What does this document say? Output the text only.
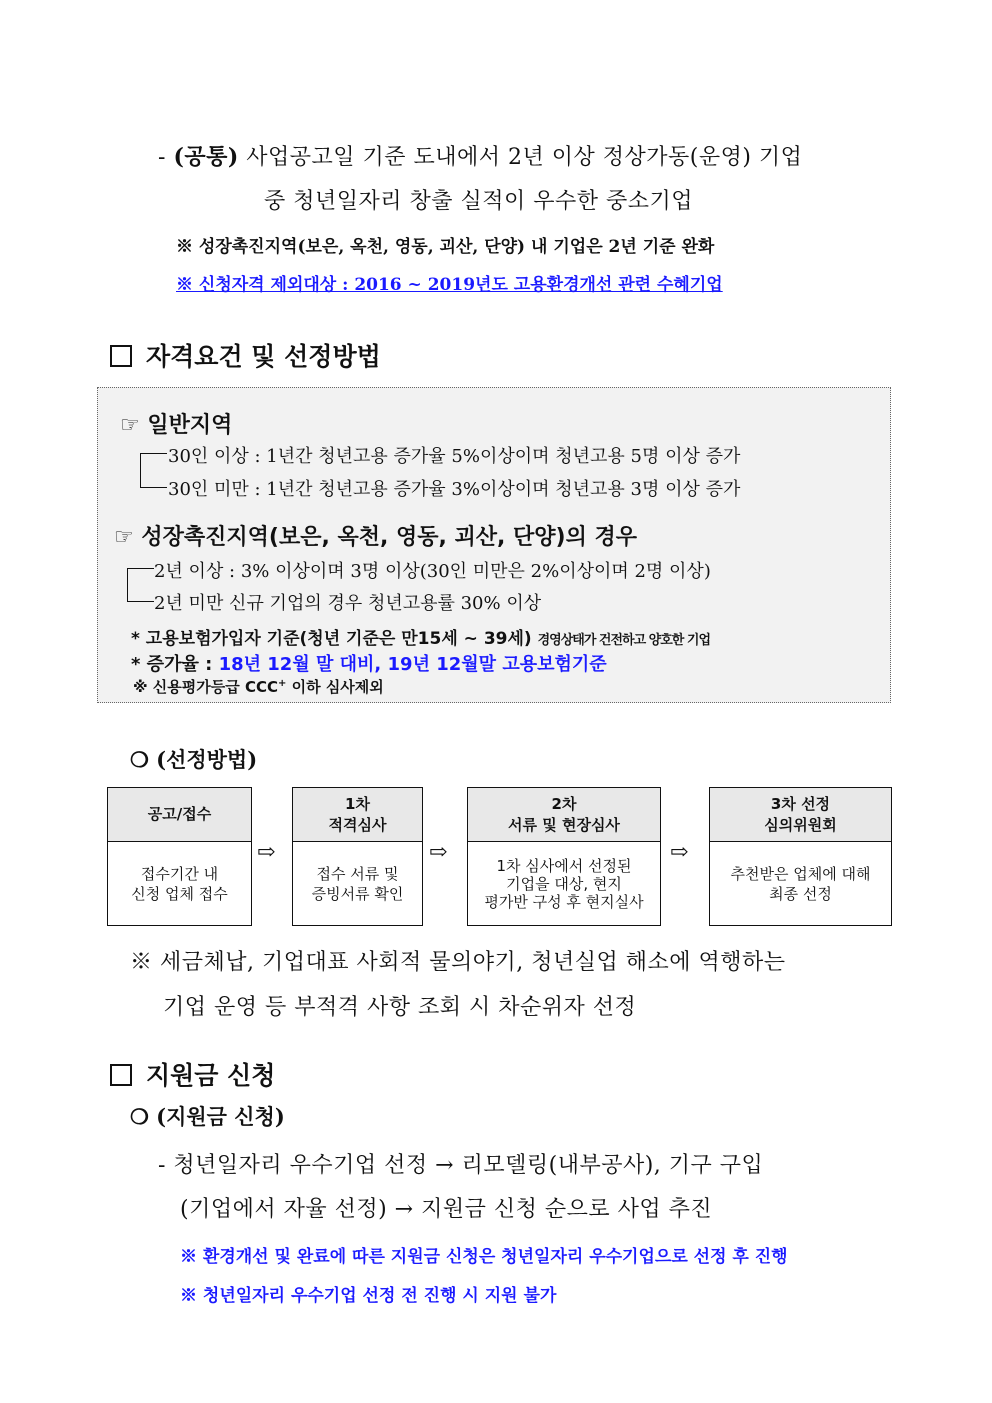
- (공통) 사업공고일 기준 도내에서 2년 이상 정상가동(운영) 기업
중 청년일자리 창출 실적이 우수한 중소기업
※ 성장촉진지역(보은, 옥천, 영동, 괴산, 단양) 내 기업은 2년 기준 완화
※ 신청자격 제외대상 : 2016 ~ 2019년도 고용환경개선 관련 수혜기업
자격요건 및 선정방법
☞ 일반지역
30인 이상 : 1년간 청년고용 증가율 5%이상이며 청년고용 5명 이상 증가
30인 미만 : 1년간 청년고용 증가율 3%이상이며 청년고용 3명 이상 증가
☞ 성장촉진지역(보은, 옥천, 영동, 괴산, 단양)의 경우
2년 이상 : 3% 이상이며 3명 이상(30인 미만은 2%이상이며 2명 이상)
2년 미만 신규 기업의 경우 청년고용률 30% 이상
* 고용보험가입자 기준(청년 기준은 만15세 ~ 39세) 경영상태가 건전하고 양호한 기업
* 증가율 : 18년 12월 말 대비, 19년 12월말 고용보험기준
※ 신용평가등급 CCC+ 이하 심사제외
❍ (선정방법)
공고/접수
접수기간 내
신청 업체 접수
⇨
1차
적격심사
접수 서류 및
증빙서류 확인
⇨
2차
서류 및 현장심사
1차 심사에서 선정된
기업을 대상, 현지
평가반 구성 후 현지실사
⇨
3차 선정
심의위원회
추천받은 업체에 대해
최종 선정
※ 세금체납, 기업대표 사회적 물의야기, 청년실업 해소에 역행하는
기업 운영 등 부적격 사항 조회 시 차순위자 선정
지원금 신청
❍ (지원금 신청)
- 청년일자리 우수기업 선정 → 리모델링(내부공사), 기구 구입
(기업에서 자율 선정) → 지원금 신청 순으로 사업 추진
※ 환경개선 및 완료에 따른 지원금 신청은 청년일자리 우수기업으로 선정 후 진행
※ 청년일자리 우수기업 선정 전 진행 시 지원 불가
